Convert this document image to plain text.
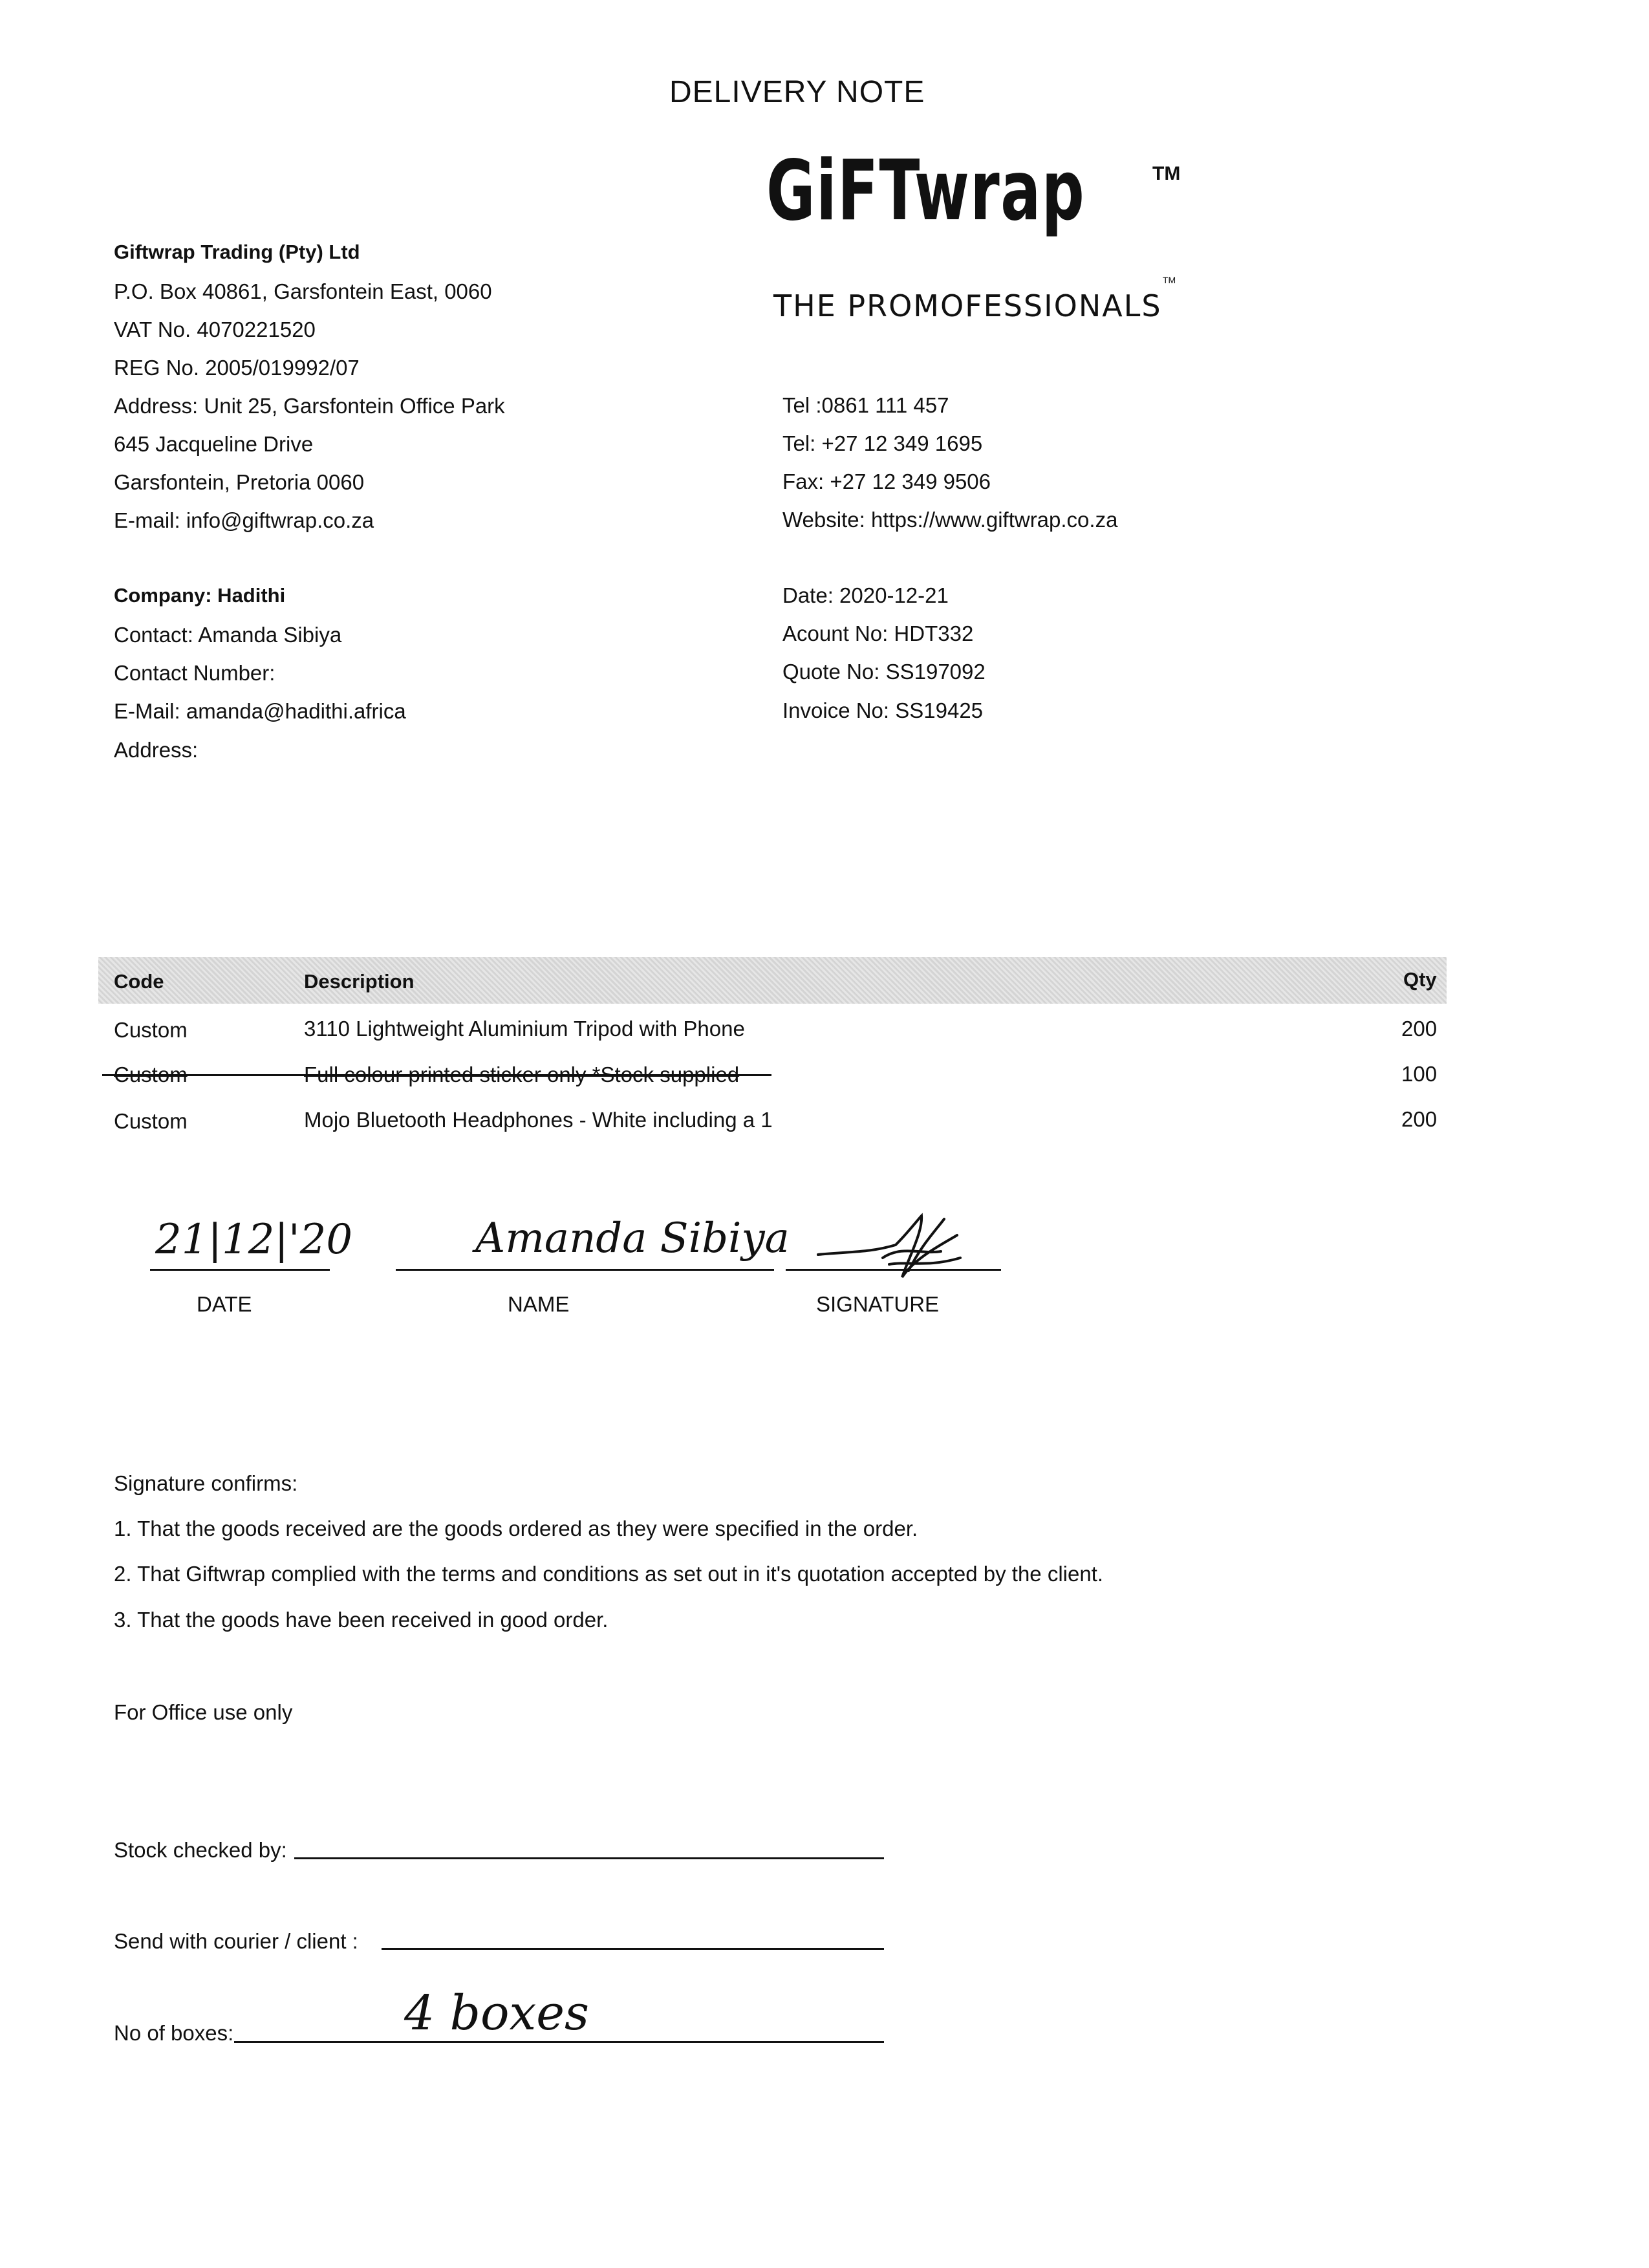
DELIVERY NOTE
GiFTwrap	TM
THE PROMOFESSIONALS
TM
Giftwrap Trading (Pty) Ltd
P.O. Box 40861, Garsfontein East, 0060
VAT No. 4070221520
REG No. 2005/019992/07
Address: Unit 25, Garsfontein Office Park
645 Jacqueline Drive
Garsfontein, Pretoria 0060
E-mail: info@giftwrap.co.za
Tel :0861 111 457
Tel: +27 12 349 1695
Fax: +27 12 349 9506
Website: https://www.giftwrap.co.za
Company: Hadithi
Contact: Amanda Sibiya
Contact Number:
E-Mail: amanda@hadithi.africa
Address:
Date: 2020-12-21
Acount No: HDT332
Quote No: SS197092
Invoice No: SS19425
Code	Description	Qty
Custom	3110 Lightweight Aluminium Tripod with Phone	200
Custom	Full colour printed sticker only *Stock supplied	100
Custom	Mojo Bluetooth Headphones - White including a 1	200
21|12|'20
DATE
Amanda Sibiya
NAME	SIGNATURE
Signature confirms:
1. That the goods received are the goods ordered as they were specified in the order.
2. That Giftwrap complied with the terms and conditions as set out in it's quotation accepted by the client.
3. That the goods have been received in good order.
For Office use only
Stock checked by:
Send with courier / client :
No of boxes:	4 boxes
